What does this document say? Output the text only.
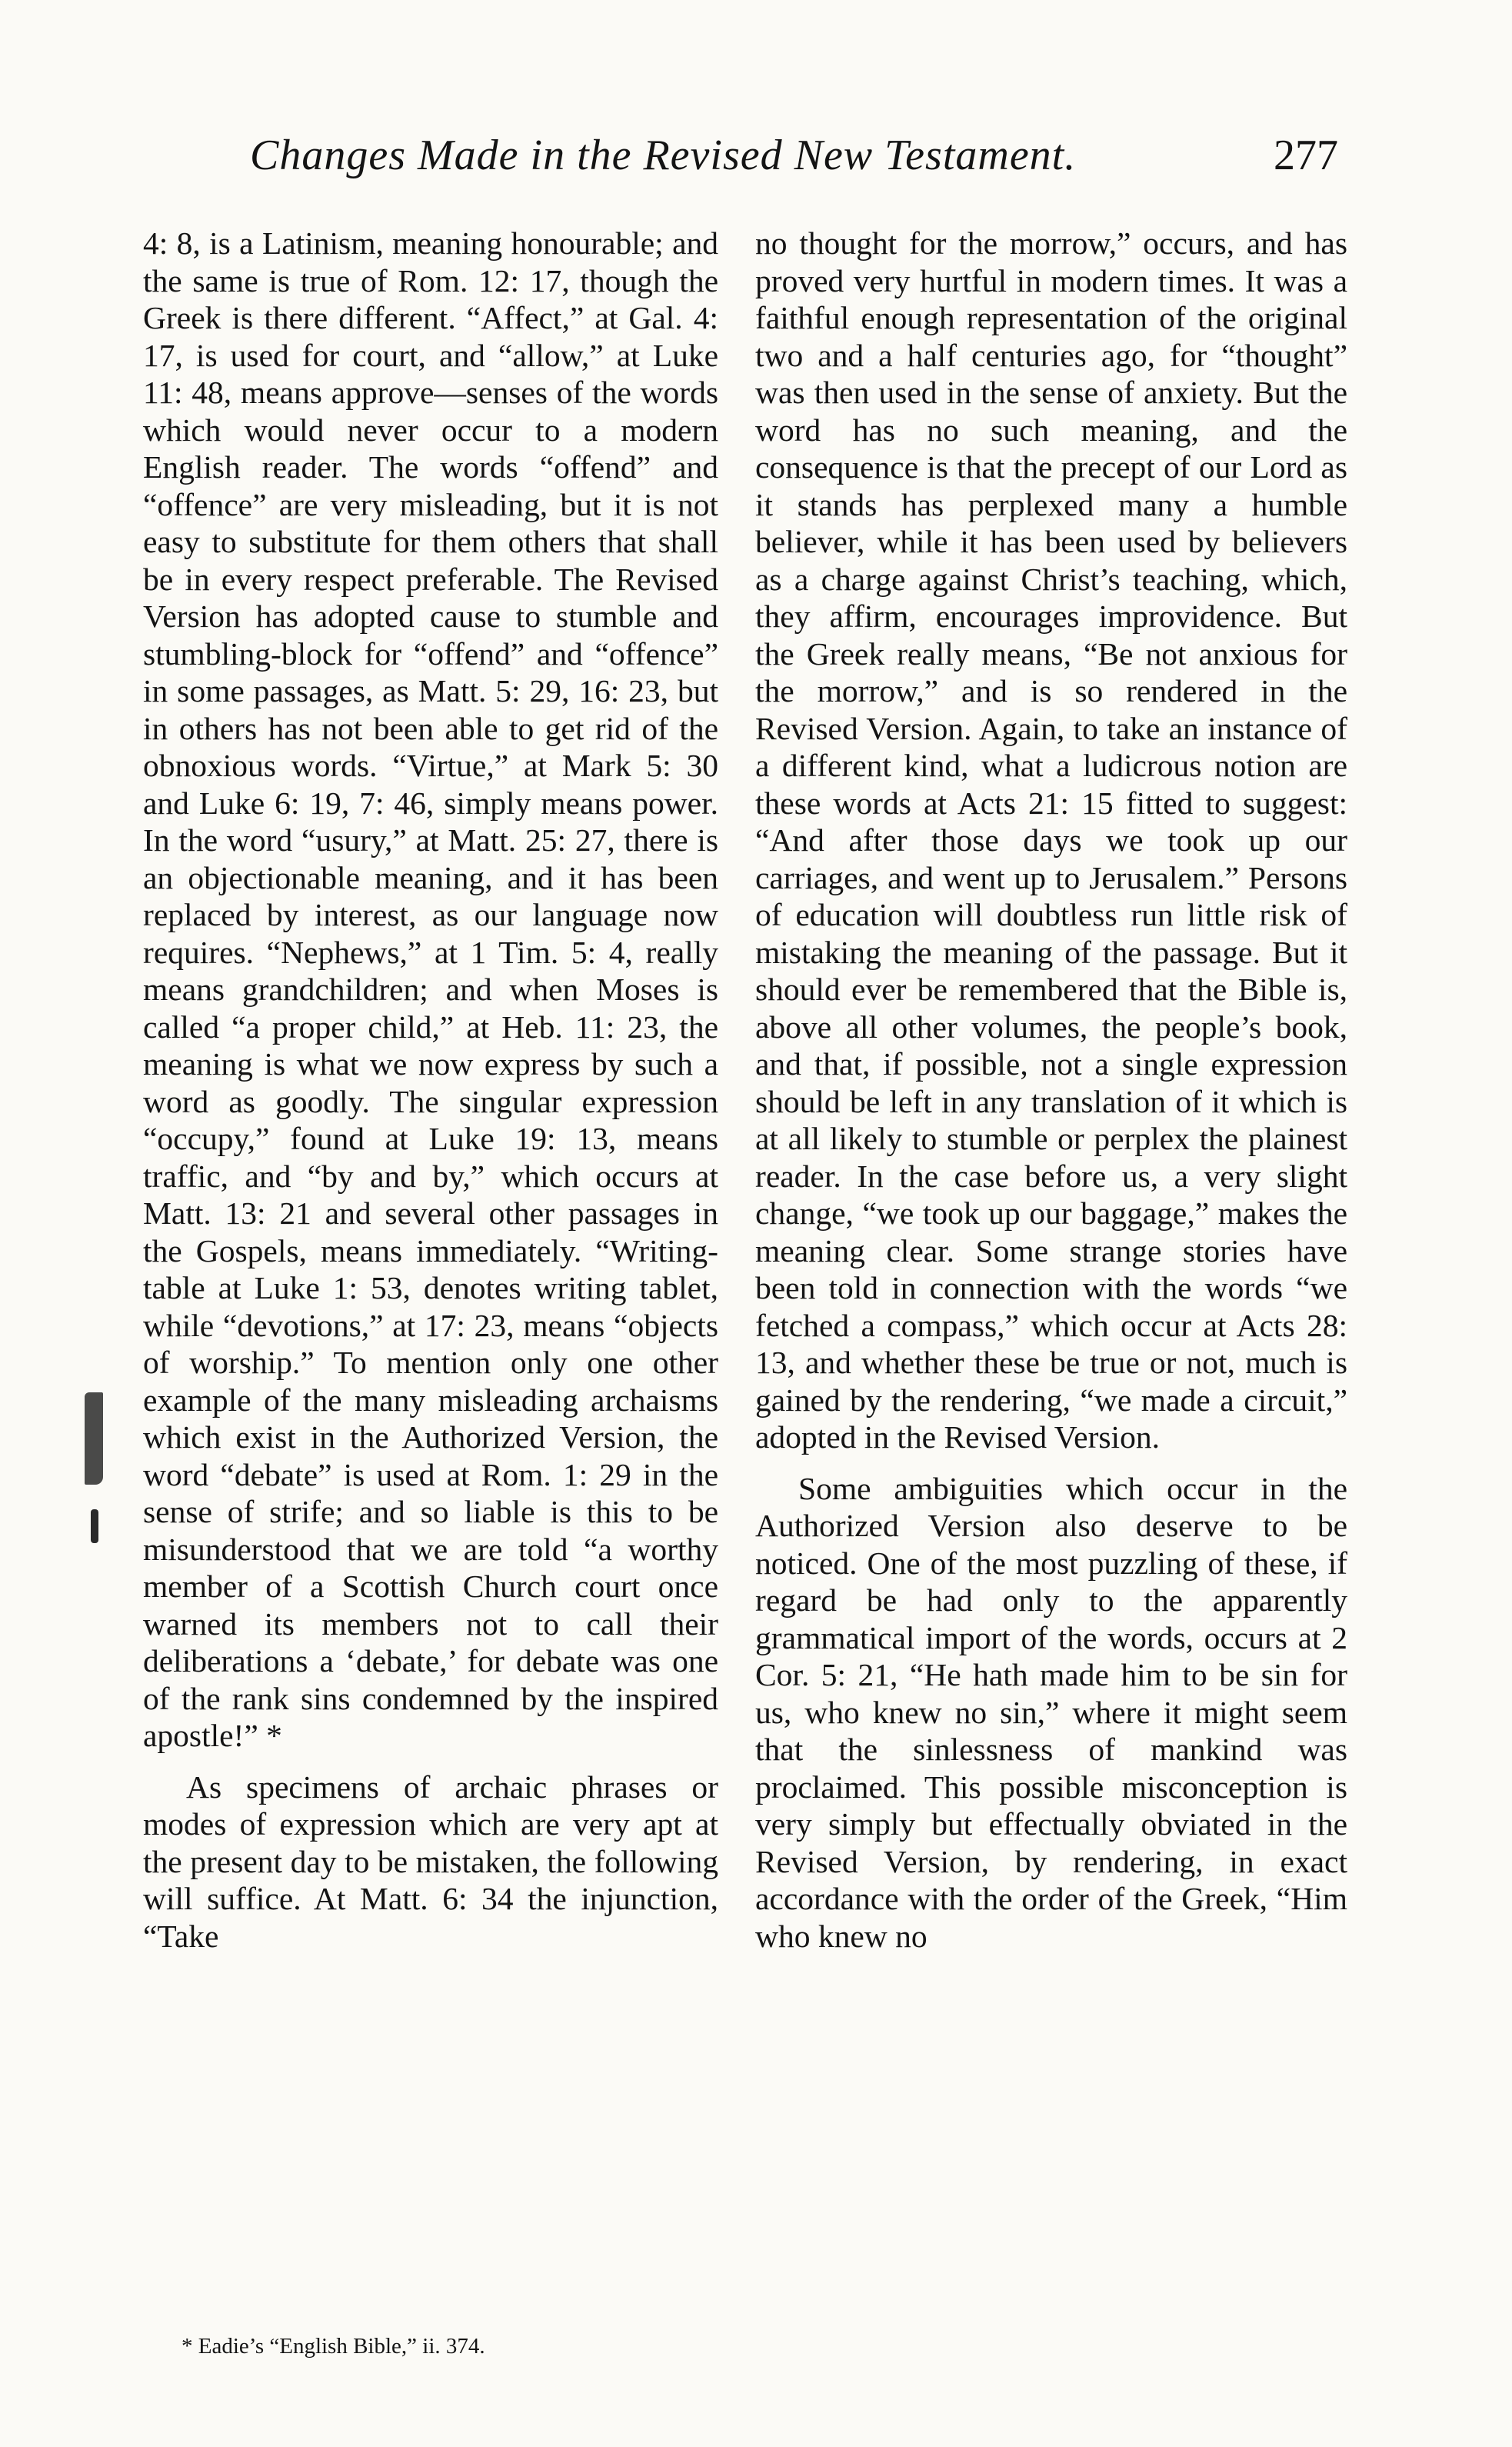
Changes Made in the Revised New Testament.	277

4: 8, is a Latinism, meaning honourable; and the same is true of Rom. 12: 17, though the Greek is there different. “Affect,” at Gal. 4: 17, is used for court, and “allow,” at Luke 11: 48, means approve—senses of the words which would never occur to a modern English reader. The words “offend” and “offence” are very misleading, but it is not easy to substitute for them others that shall be in every respect preferable. The Revised Version has adopted cause to stumble and stumbling-block for “offend” and “offence” in some passages, as Matt. 5: 29, 16: 23, but in others has not been able to get rid of the obnoxious words. “Virtue,” at Mark 5: 30 and Luke 6: 19, 7: 46, simply means power. In the word “usury,” at Matt. 25: 27, there is an objectionable meaning, and it has been replaced by interest, as our language now requires. “Nephews,” at 1 Tim. 5: 4, really means grandchildren; and when Moses is called “a proper child,” at Heb. 11: 23, the meaning is what we now express by such a word as goodly. The singular expression “occupy,” found at Luke 19: 13, means traffic, and “by and by,” which occurs at Matt. 13: 21 and several other passages in the Gospels, means immediately. “Writing-table at Luke 1: 53, denotes writing tablet, while “devotions,” at 17: 23, means “objects of worship.” To mention only one other example of the many misleading archaisms which exist in the Authorized Version, the word “debate” is used at Rom. 1: 29 in the sense of strife; and so liable is this to be misunderstood that we are told “a worthy member of a Scottish Church court once warned its members not to call their deliberations a ‘debate,’ for debate was one of the rank sins condemned by the inspired apostle!” *

As specimens of archaic phrases or modes of expression which are very apt at the present day to be mistaken, the following will suffice. At Matt. 6: 34 the injunction, “Take

no thought for the morrow,” occurs, and has proved very hurtful in modern times. It was a faithful enough representation of the original two and a half centuries ago, for “thought” was then used in the sense of anxiety. But the word has no such meaning, and the consequence is that the precept of our Lord as it stands has perplexed many a humble believer, while it has been used by believers as a charge against Christ’s teaching, which, they affirm, encourages improvidence. But the Greek really means, “Be not anxious for the morrow,” and is so rendered in the Revised Version. Again, to take an instance of a different kind, what a ludicrous notion are these words at Acts 21: 15 fitted to suggest: “And after those days we took up our carriages, and went up to Jerusalem.” Persons of education will doubtless run little risk of mistaking the meaning of the passage. But it should ever be remembered that the Bible is, above all other volumes, the people’s book, and that, if possible, not a single expression should be left in any translation of it which is at all likely to stumble or perplex the plainest reader. In the case before us, a very slight change, “we took up our baggage,” makes the meaning clear. Some strange stories have been told in connection with the words “we fetched a compass,” which occur at Acts 28: 13, and whether these be true or not, much is gained by the rendering, “we made a circuit,” adopted in the Revised Version.

Some ambiguities which occur in the Authorized Version also deserve to be noticed. One of the most puzzling of these, if regard be had only to the apparently grammatical import of the words, occurs at 2 Cor. 5: 21, “He hath made him to be sin for us, who knew no sin,” where it might seem that the sinlessness of mankind was proclaimed. This possible misconception is very simply but effectually obviated in the Revised Version, by rendering, in exact accordance with the order of the Greek, “Him who knew no

* Eadie’s “English Bible,” ii. 374.
